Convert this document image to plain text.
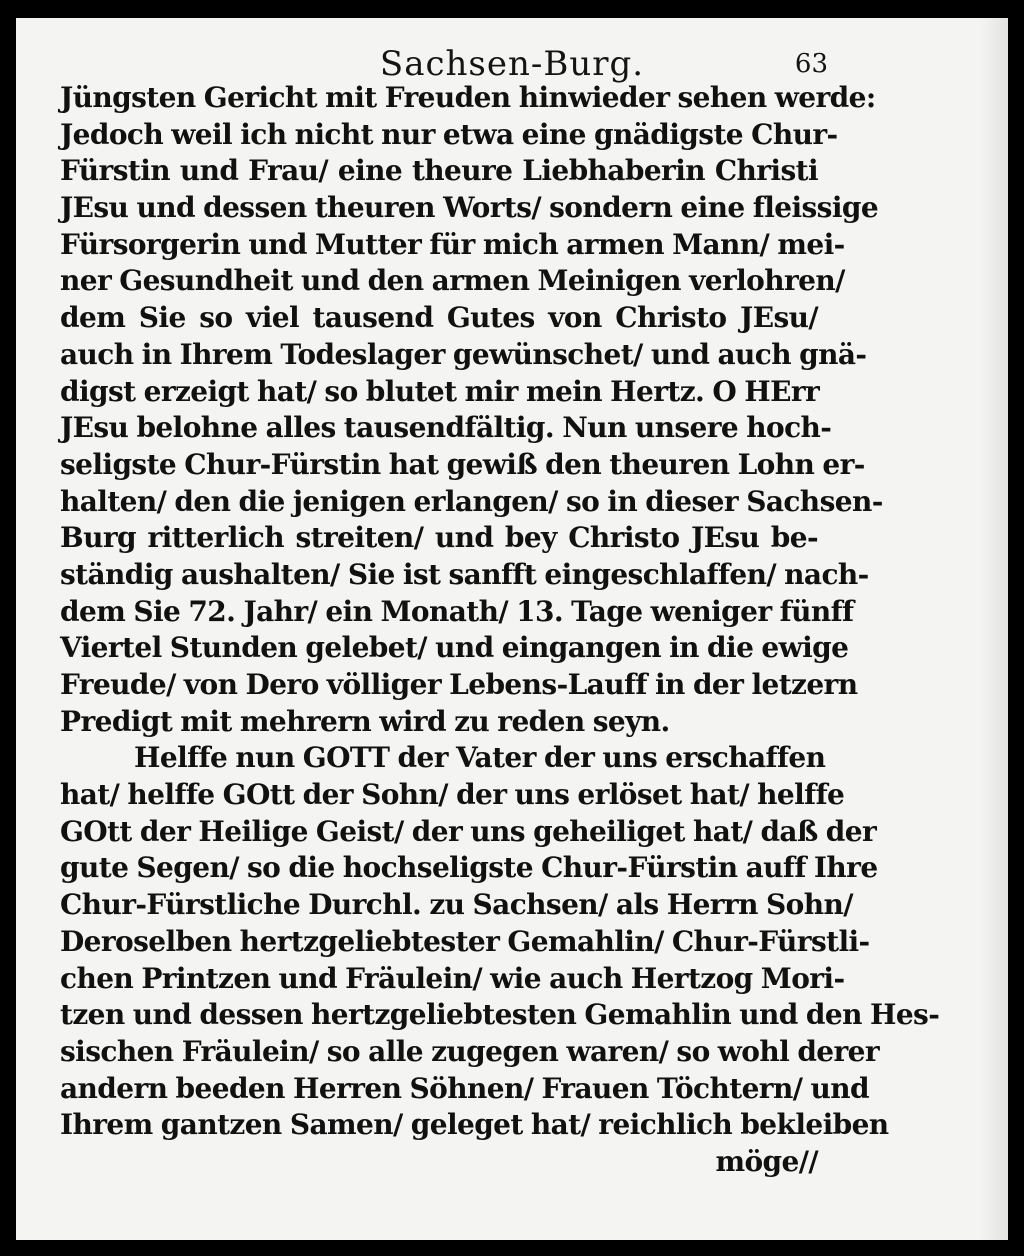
Sachsen-Burg.	63
Jüngsten Gericht mit Freuden hinwieder sehen werde:
Jedoch weil ich nicht nur etwa eine gnädigste Chur-
Fürstin und Frau/ eine theure Liebhaberin Christi
JEsu und dessen theuren Worts/ sondern eine fleissige
Fürsorgerin und Mutter für mich armen Mann/ mei-
ner Gesundheit und den armen Meinigen verlohren/
dem Sie so viel tausend Gutes von Christo JEsu/
auch in Ihrem Todeslager gewünschet/ und auch gnä-
digst erzeigt hat/ so blutet mir mein Hertz. O HErr
JEsu belohne alles tausendfältig. Nun unsere hoch-
seligste Chur-Fürstin hat gewiß den theuren Lohn er-
halten/ den die jenigen erlangen/ so in dieser Sachsen-
Burg ritterlich streiten/ und bey Christo JEsu be-
ständig aushalten/ Sie ist sanfft eingeschlaffen/ nach-
dem Sie 72. Jahr/ ein Monath/ 13. Tage weniger fünff
Viertel Stunden gelebet/ und eingangen in die ewige
Freude/ von Dero völliger Lebens-Lauff in der letzern
Predigt mit mehrern wird zu reden seyn.
Helffe nun GOTT der Vater der uns erschaffen
hat/ helffe GOtt der Sohn/ der uns erlöset hat/ helffe
GOtt der Heilige Geist/ der uns geheiliget hat/ daß der
gute Segen/ so die hochseligste Chur-Fürstin auff Ihre
Chur-Fürstliche Durchl. zu Sachsen/ als Herrn Sohn/
Deroselben hertzgeliebtester Gemahlin/ Chur-Fürstli-
chen Printzen und Fräulein/ wie auch Hertzog Mori-
tzen und dessen hertzgeliebtesten Gemahlin und den Hes-
sischen Fräulein/ so alle zugegen waren/ so wohl derer
andern beeden Herren Söhnen/ Frauen Töchtern/ und
Ihrem gantzen Samen/ geleget hat/ reichlich bekleiben
möge//
